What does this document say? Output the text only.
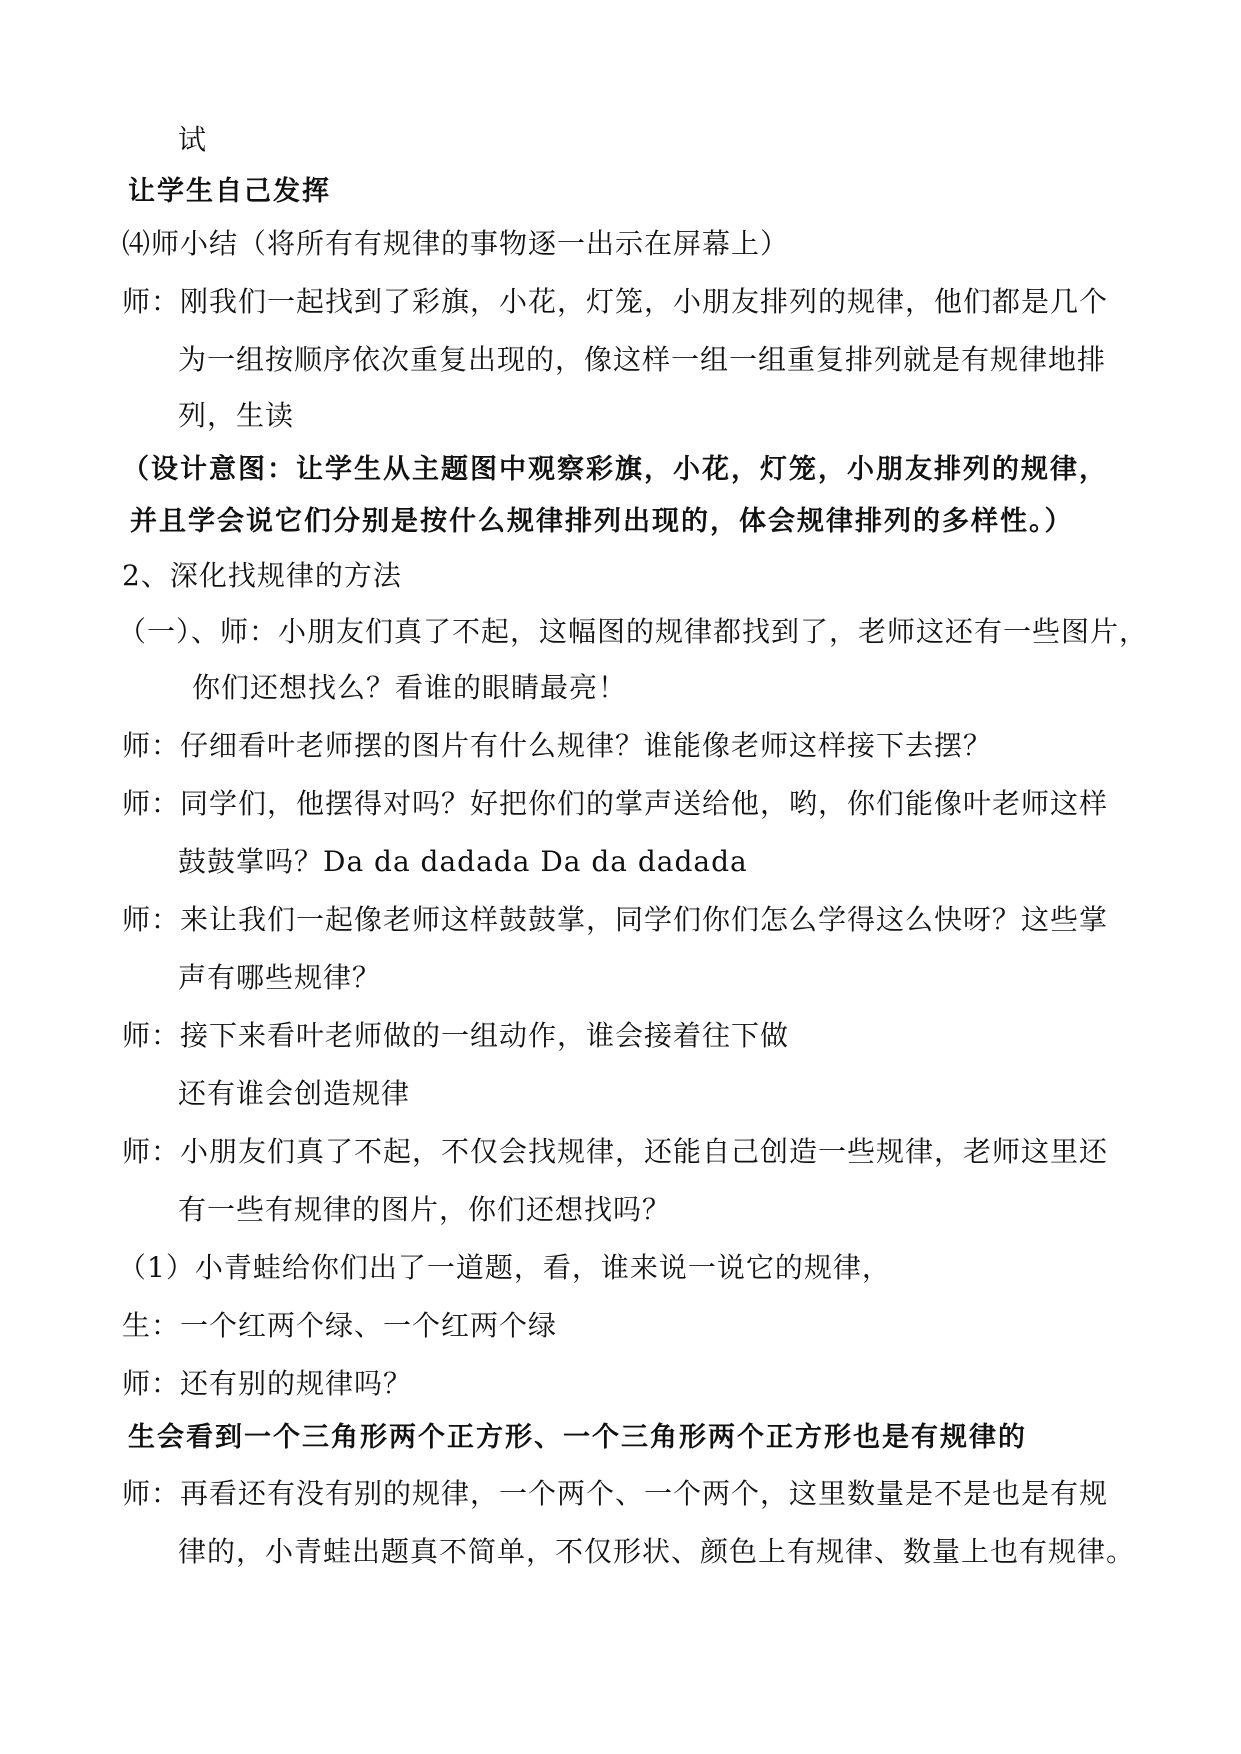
试
让学生自己发挥
⑷师小结（将所有有规律的事物逐一出示在屏幕上）
师：刚我们一起找到了彩旗，小花，灯笼，小朋友排列的规律，他们都是几个
为一组按顺序依次重复出现的，像这样一组一组重复排列就是有规律地排
列，生读
（设计意图：让学生从主题图中观察彩旗，小花，灯笼，小朋友排列的规律，
并且学会说它们分别是按什么规律排列出现的，体会规律排列的多样性。）
2、深化找规律的方法
（一）、师：小朋友们真了不起，这幅图的规律都找到了，老师这还有一些图片，
你们还想找么？看谁的眼睛最亮！
师：仔细看叶老师摆的图片有什么规律？谁能像老师这样接下去摆？
师：同学们，他摆得对吗？好把你们的掌声送给他，哟，你们能像叶老师这样
鼓鼓掌吗？Da da dadada Da da dadada
师：来让我们一起像老师这样鼓鼓掌，同学们你们怎么学得这么快呀？这些掌
声有哪些规律？
师：接下来看叶老师做的一组动作，谁会接着往下做
还有谁会创造规律
师：小朋友们真了不起，不仅会找规律，还能自己创造一些规律，老师这里还
有一些有规律的图片，你们还想找吗？
（1）小青蛙给你们出了一道题，看，谁来说一说它的规律，
生：一个红两个绿、一个红两个绿
师：还有别的规律吗？
生会看到一个三角形两个正方形、一个三角形两个正方形也是有规律的
师：再看还有没有别的规律，一个两个、一个两个，这里数量是不是也是有规
律的，小青蛙出题真不简单，不仅形状、颜色上有规律、数量上也有规律。
